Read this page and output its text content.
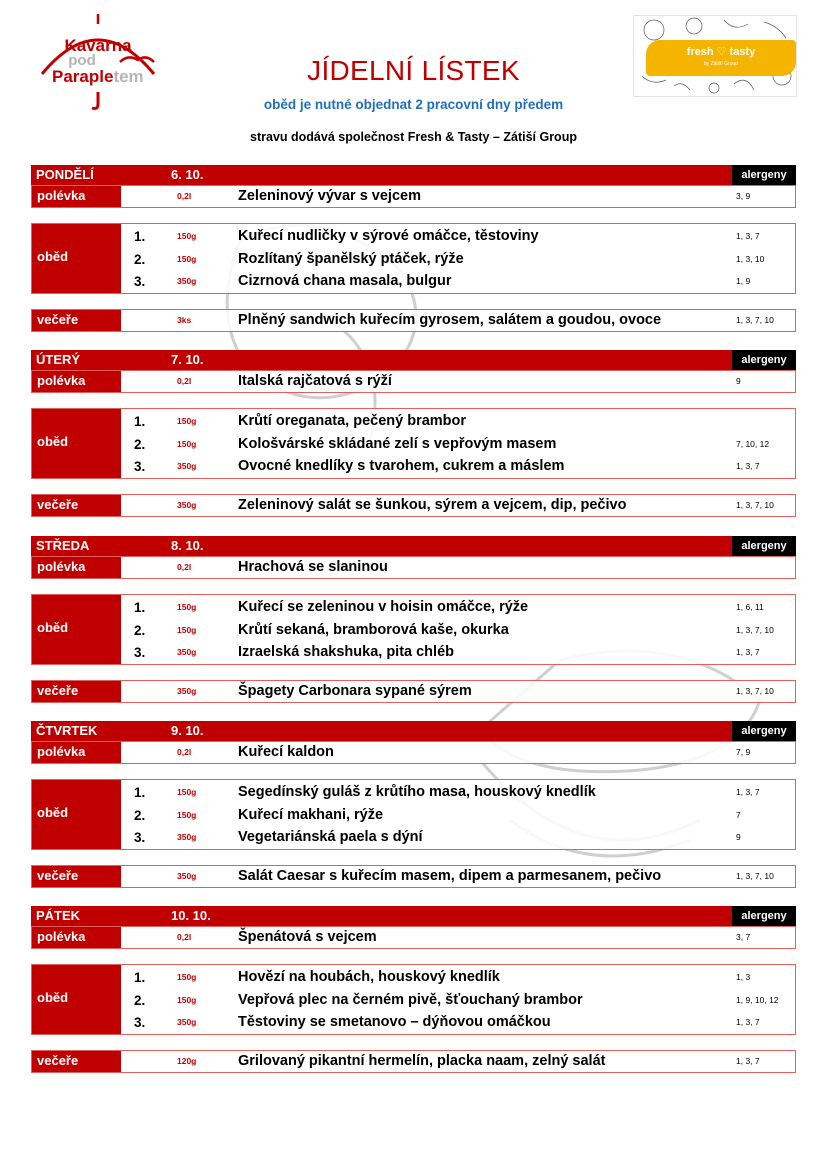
Kavárna
pod
Parapletem
fresh ♡ tasty
by Zátiší Group
JÍDELNÍ LÍSTEK
oběd je nutné objednat 2 pracovní dny předem
stravu dodává společnost Fresh & Tasty – Zátiší Group
PONDĚLÍ	6. 10.	alergeny
polévka	0,2l	Zeleninový vývar s vejcem	3, 9
oběd
1.	150g	Kuřecí nudličky v sýrové omáčce, těstoviny	1, 3, 7
2.	150g	Rozlítaný španělský ptáček, rýže	1, 3, 10
3.	350g	Cizrnová chana masala, bulgur	1, 9
večeře	3ks	Plněný sandwich kuřecím gyrosem, salátem a goudou, ovoce	1, 3, 7, 10
ÚTERÝ	7. 10.	alergeny
polévka	0,2l	Italská rajčatová s rýží	9
oběd
1.	150g	Krůtí oreganata, pečený brambor
2.	150g	Kološvárské skládané zelí s vepřovým masem	7, 10, 12
3.	350g	Ovocné knedlíky s tvarohem, cukrem a máslem	1, 3, 7
večeře	350g	Zeleninový salát se šunkou, sýrem a vejcem, dip, pečivo	1, 3, 7, 10
STŘEDA	8. 10.	alergeny
polévka	0,2l	Hrachová se slaninou
oběd
1.	150g	Kuřecí se zeleninou v hoisin omáčce, rýže	1, 6, 11
2.	150g	Krůtí sekaná, bramborová kaše, okurka	1, 3, 7, 10
3.	350g	Izraelská shakshuka, pita chléb	1, 3, 7
večeře	350g	Špagety Carbonara sypané sýrem	1, 3, 7, 10
ČTVRTEK	9. 10.	alergeny
polévka	0,2l	Kuřecí kaldon	7, 9
oběd
1.	150g	Segedínský guláš z krůtího masa, houskový knedlík	1, 3, 7
2.	150g	Kuřecí makhani, rýže	7
3.	350g	Vegetariánská paela s dýní	9
večeře	350g	Salát Caesar s kuřecím masem, dipem a parmesanem, pečivo	1, 3, 7, 10
PÁTEK	10. 10.	alergeny
polévka	0,2l	Špenátová s vejcem	3, 7
oběd
1.	150g	Hovězí na houbách, houskový knedlík	1, 3
2.	150g	Vepřová plec na černém pivě, šťouchaný brambor	1, 9, 10, 12
3.	350g	Těstoviny se smetanovo – dýňovou omáčkou	1, 3, 7
večeře	120g	Grilovaný pikantní hermelín, placka naam, zelný salát	1, 3, 7
